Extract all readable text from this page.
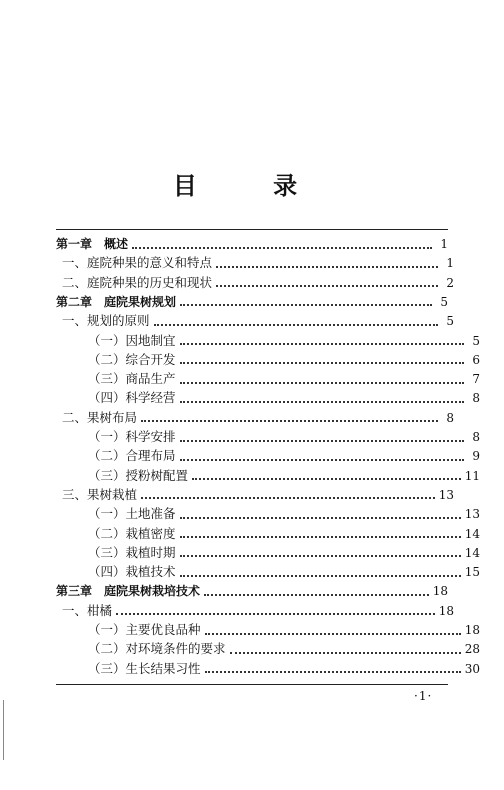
目 录
第一章　概述	1
一、庭院种果的意义和特点	1
二、庭院种果的历史和现状	2
第二章　庭院果树规划	5
一、规划的原则	5
（一）因地制宜	5
（二）综合开发	6
（三）商品生产	7
（四）科学经营	8
二、果树布局	8
（一）科学安排	8
（二）合理布局	9
（三）授粉树配置	11
三、果树栽植	13
（一）土地准备	13
（二）栽植密度	14
（三）栽植时期	14
（四）栽植技术	15
第三章　庭院果树栽培技术	18
一、柑橘	18
（一）主要优良品种	18
（二）对环境条件的要求	28
（三）生长结果习性	30
·1·
